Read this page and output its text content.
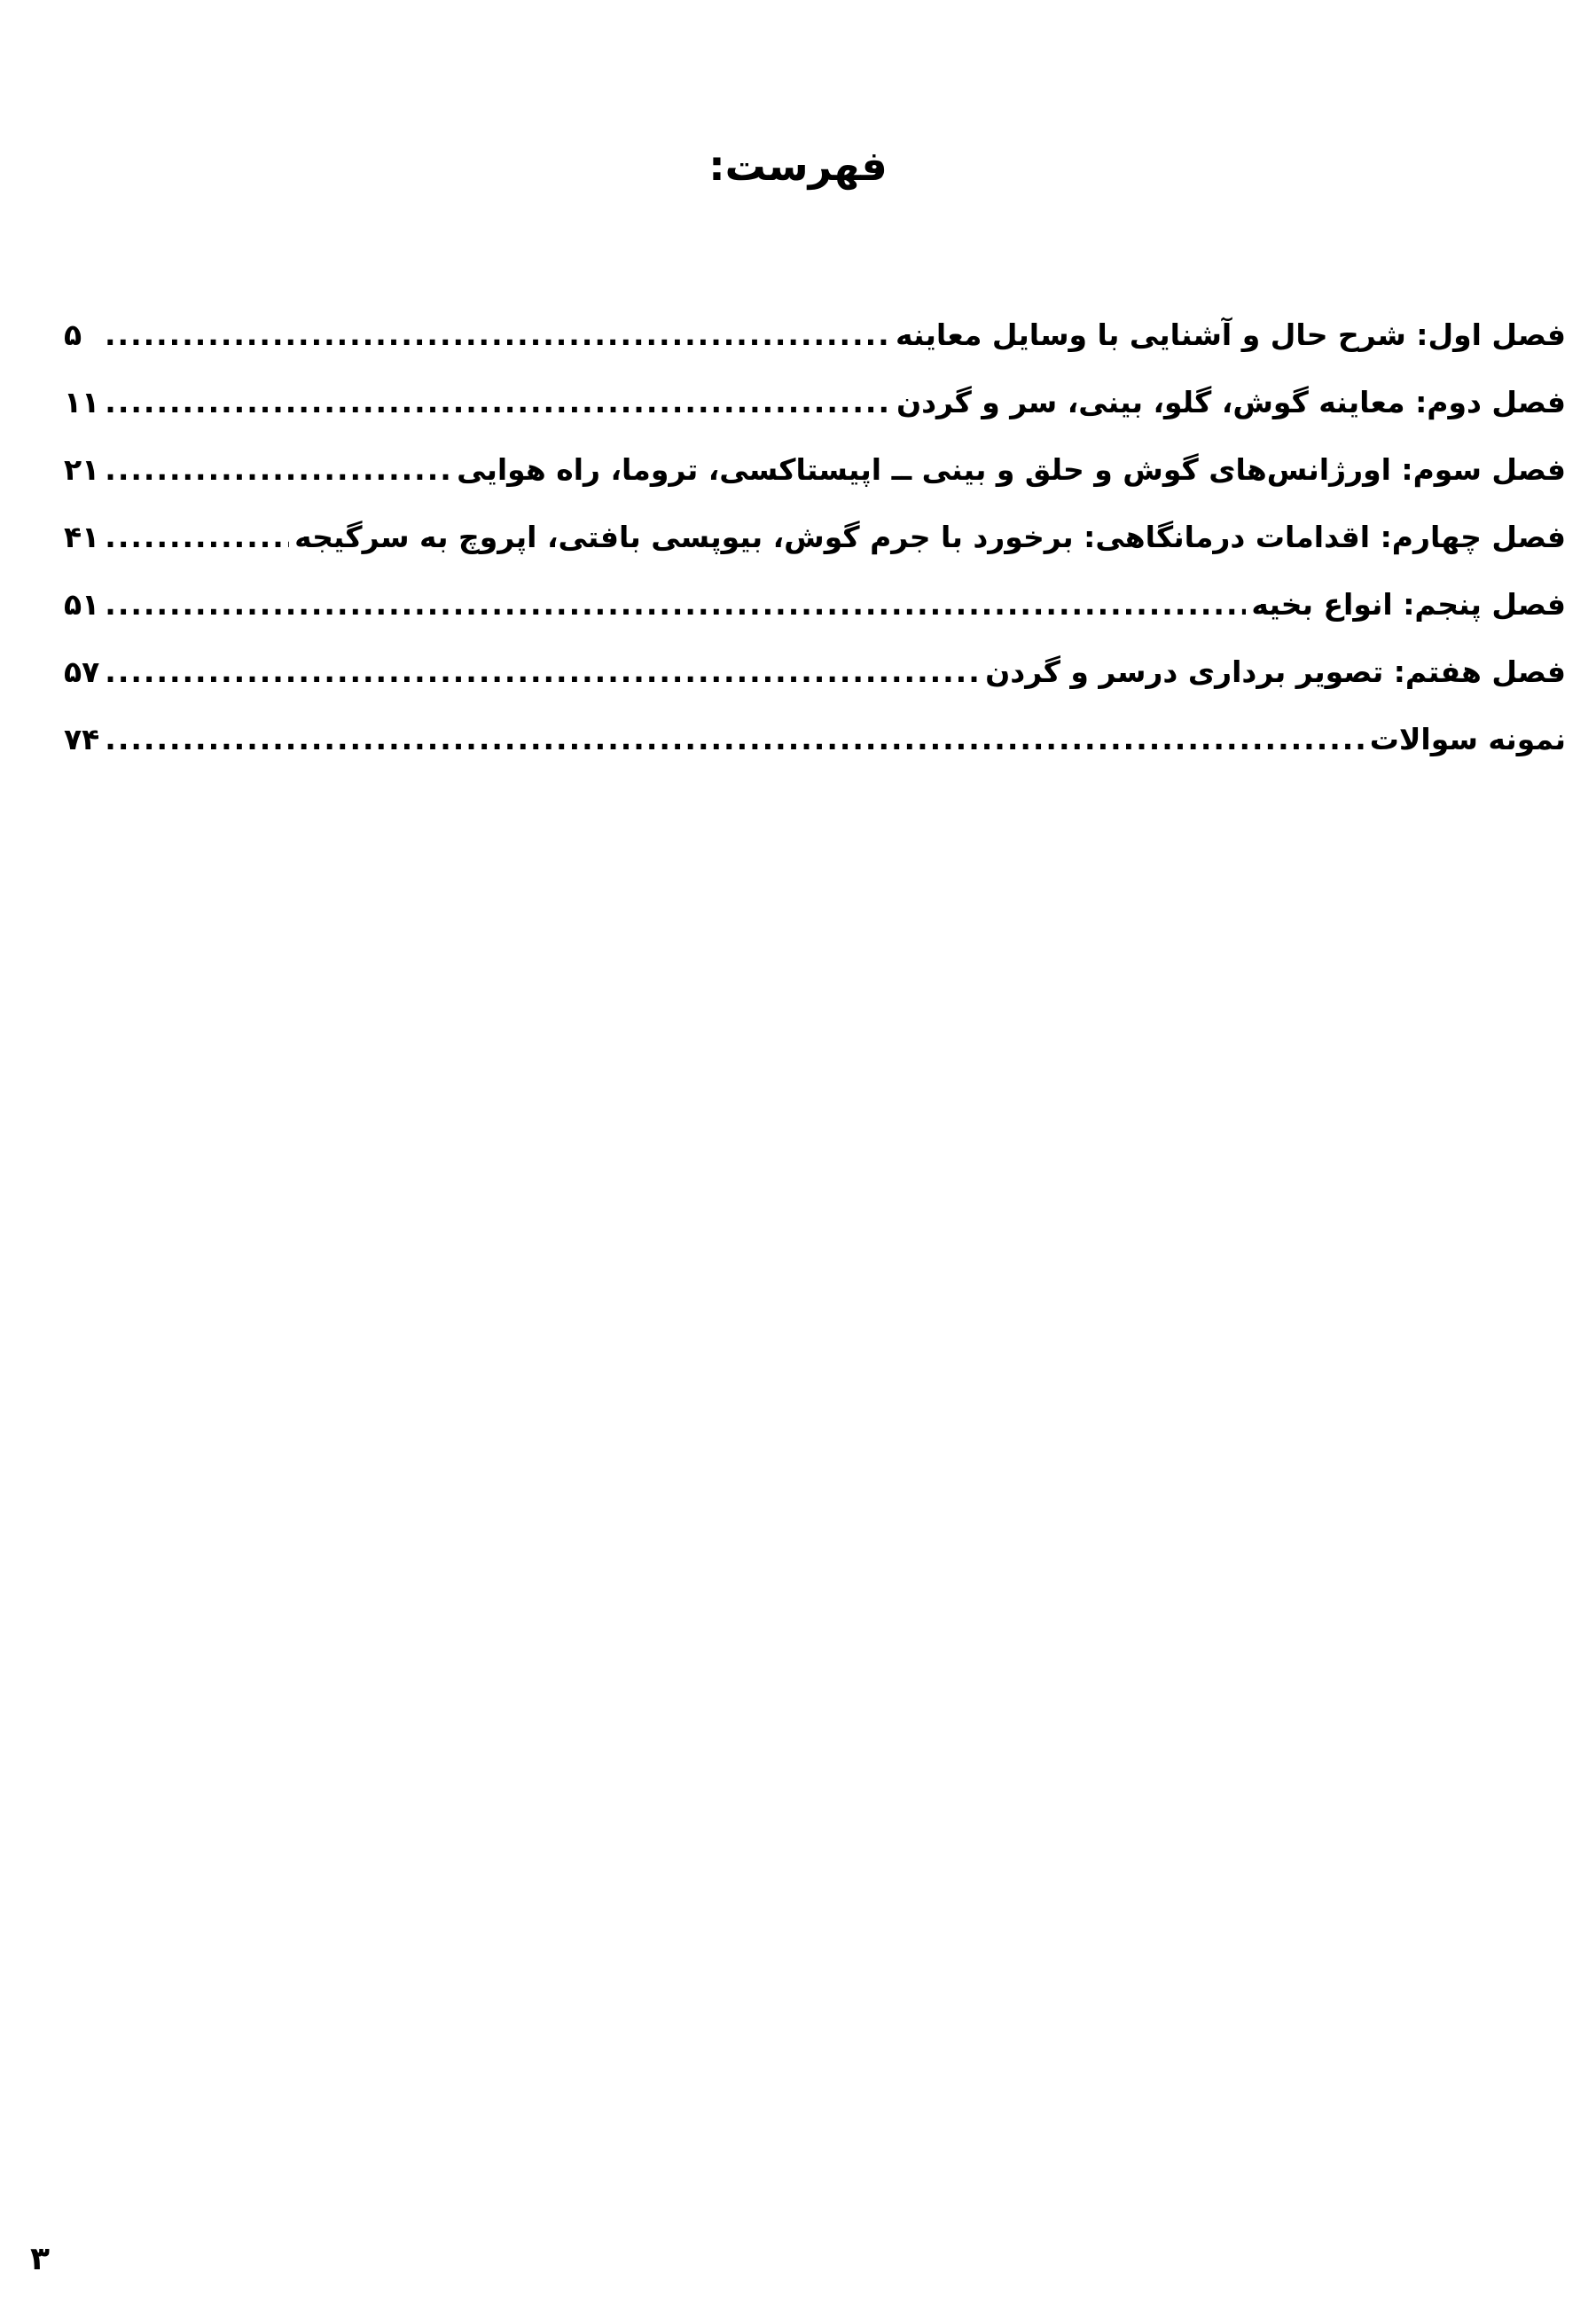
فهرست:
فصل اول: شرح حال و آشنایی با وسایل معاینه
.....
۵
فصل دوم: معاینه گوش، گلو، بینی، سر و گردن
.....
۱۱
فصل سوم: اورژانس‌های گوش و حلق و بینی ــ اپیستاکسی، تروما، راه هوایی
.....
۲۱
فصل چهارم: اقدامات درمانگاهی: برخورد با جرم گوش، بیوپسی بافتی، اپروچ به سرگیجه
.....
۴۱
فصل پنجم: انواع بخیه
.....
۵۱
فصل هفتم: تصویر برداری درسر و گردن
.....
۵۷
نمونه سوالات
.....
۷۴
۳
